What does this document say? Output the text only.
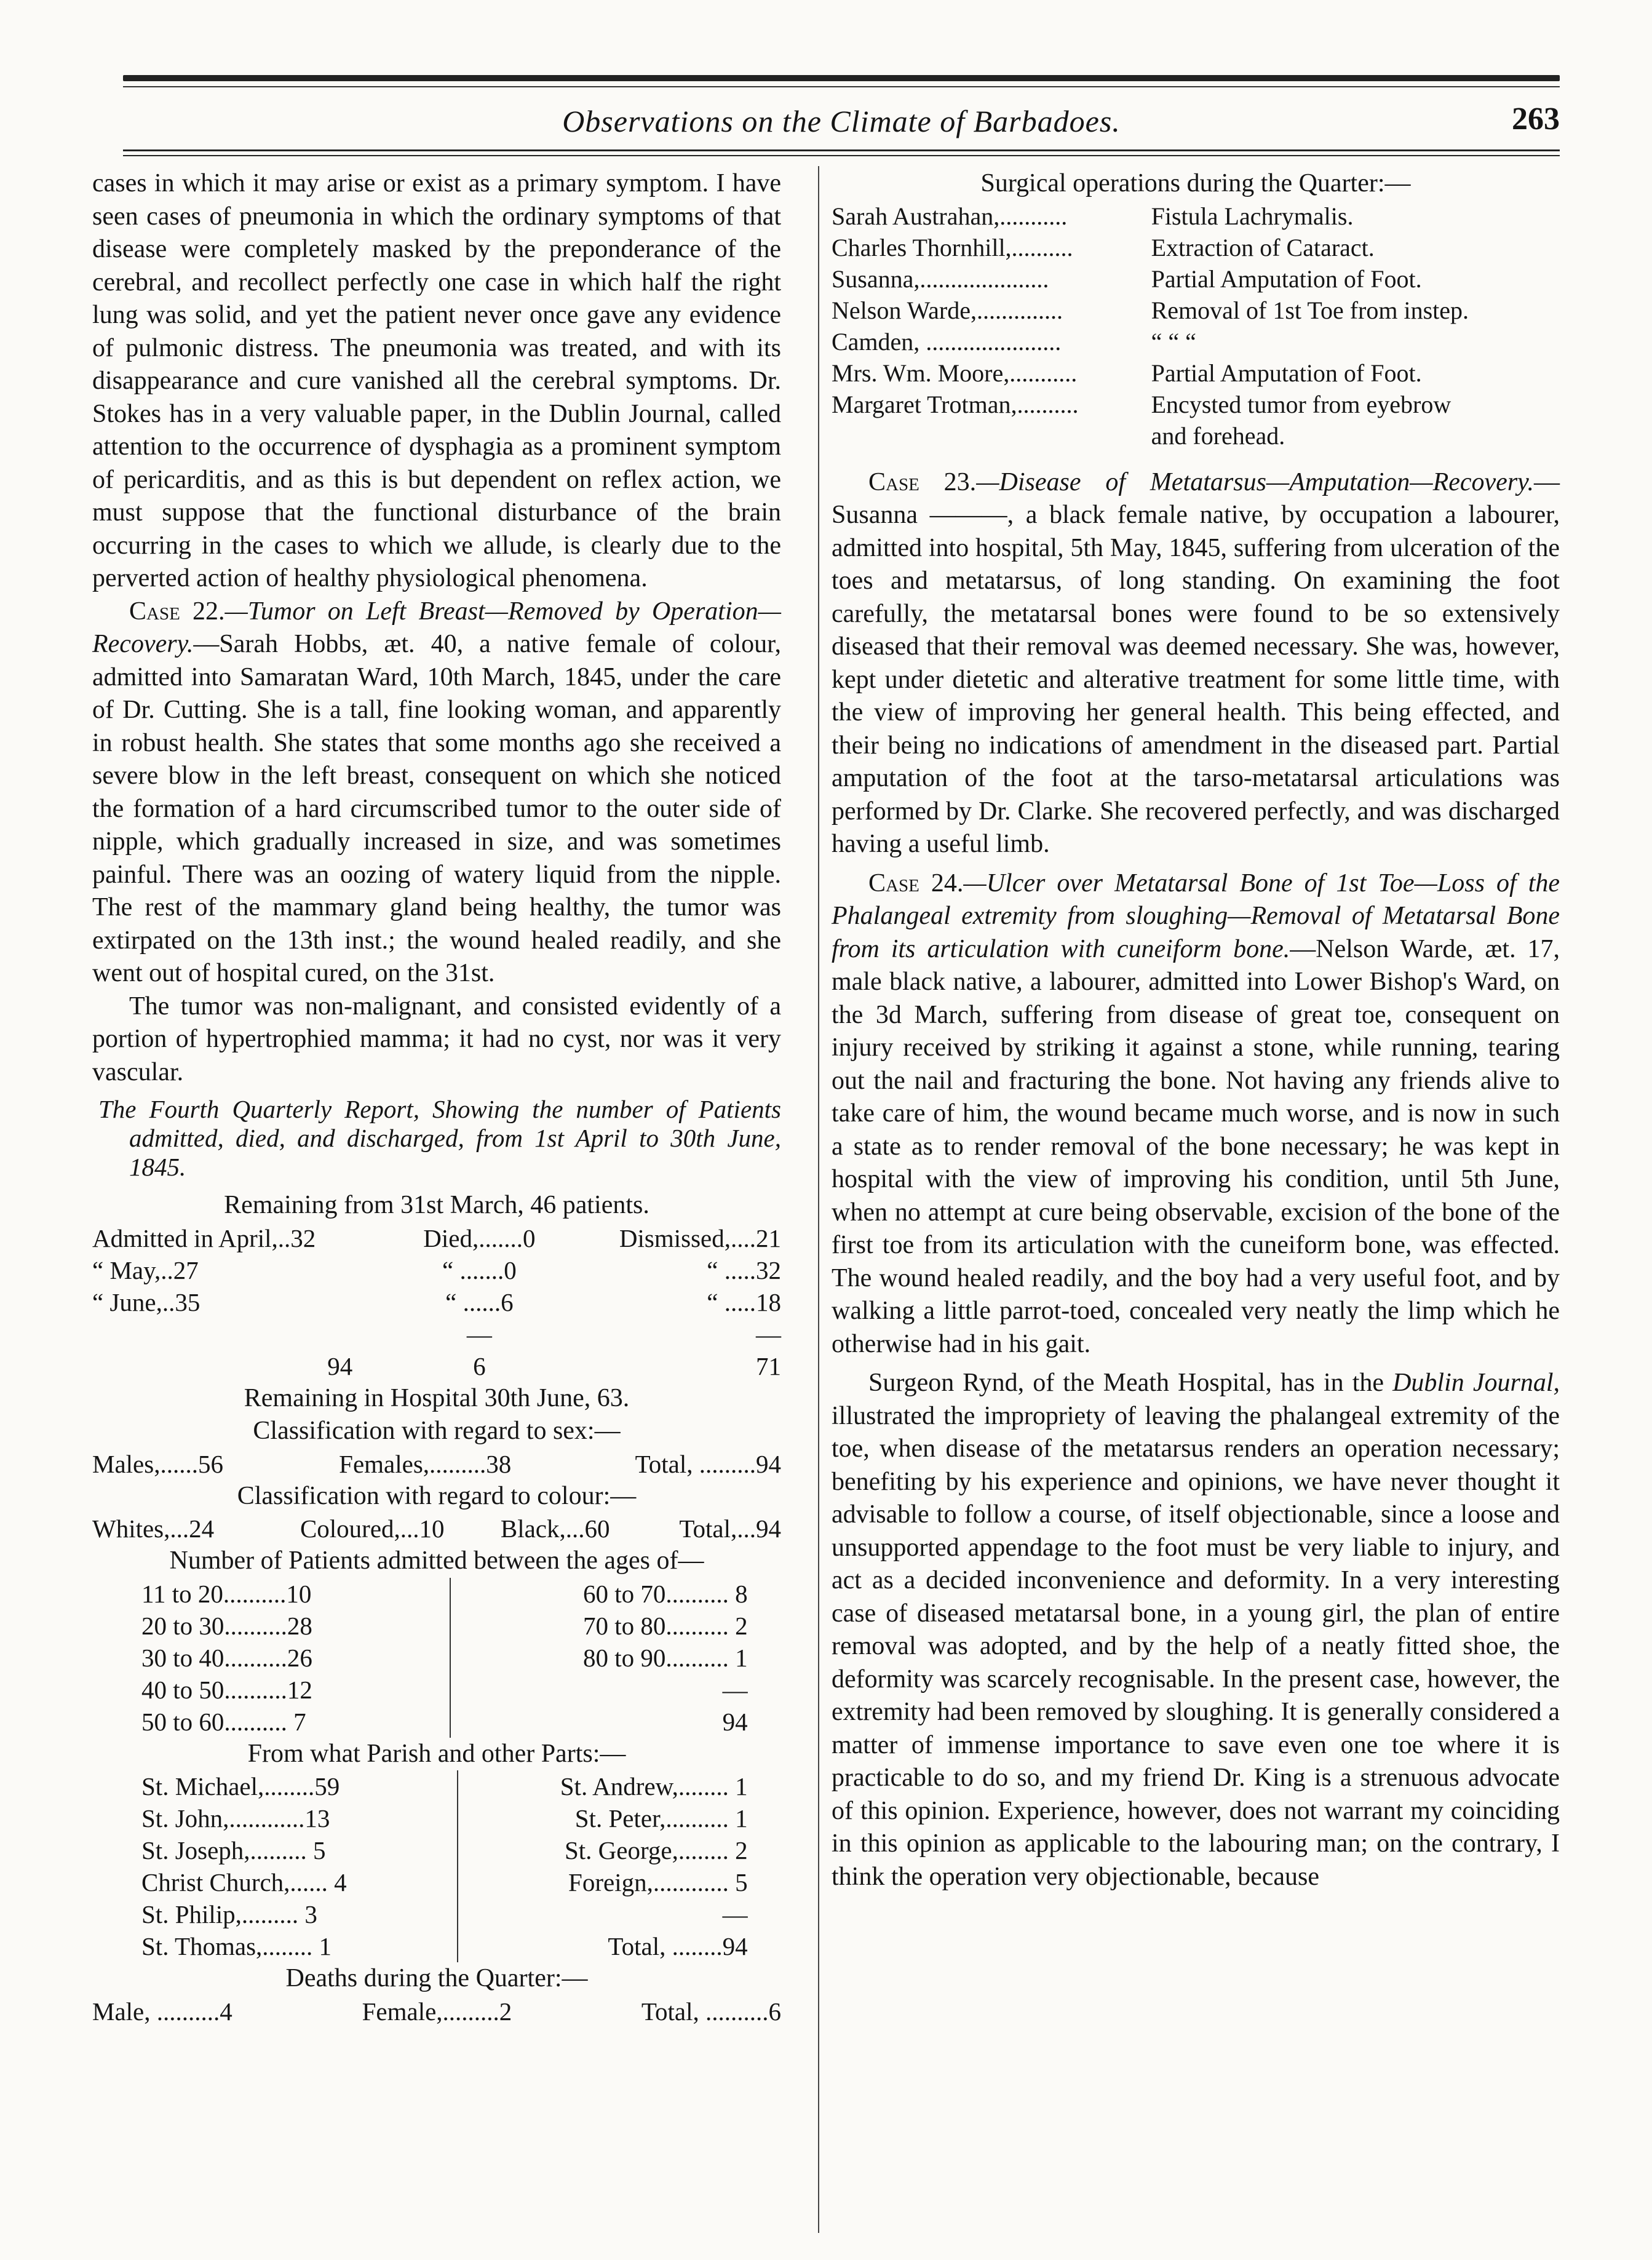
Observations on the Climate of Barbadoes.	263

cases in which it may arise or exist as a primary symptom. I have seen cases of pneumonia in which the ordinary symptoms of that disease were completely masked by the preponderance of the cerebral, and recollect perfectly one case in which half the right lung was solid, and yet the patient never once gave any evidence of pulmonic distress. The pneumonia was treated, and with its disappearance and cure vanished all the cerebral symptoms. Dr. Stokes has in a very valuable paper, in the Dublin Journal, called attention to the occurrence of dysphagia as a prominent symptom of pericarditis, and as this is but dependent on reflex action, we must suppose that the functional disturbance of the brain occurring in the cases to which we allude, is clearly due to the perverted action of healthy physiological phenomena.

Case 22.—Tumor on Left Breast—Removed by Operation—Recovery.—Sarah Hobbs, æt. 40, a native female of colour, admitted into Samaratan Ward, 10th March, 1845, under the care of Dr. Cutting. She is a tall, fine looking woman, and apparently in robust health. She states that some months ago she received a severe blow in the left breast, consequent on which she noticed the formation of a hard circumscribed tumor to the outer side of nipple, which gradually increased in size, and was sometimes painful. There was an oozing of watery liquid from the nipple. The rest of the mammary gland being healthy, the tumor was extirpated on the 13th inst.; the wound healed readily, and she went out of hospital cured, on the 31st.

The tumor was non-malignant, and consisted evidently of a portion of hypertrophied mamma; it had no cyst, nor was it very vascular.

The Fourth Quarterly Report, Showing the number of Patients admitted, died, and discharged, from 1st April to 30th June, 1845.
Remaining from 31st March, 46 patients.
Admitted in April,..32	Died,.......0	Dismissed,....21
“ May,..27	“ .......0	“ .....32
“ June,..35	“ ......6	“ .....18
	—	—
94	6	71
Remaining in Hospital 30th June, 63.
Classification with regard to sex:—
Males,......56	Females,.........38	Total, .........94
Classification with regard to colour:—
Whites,...24	Coloured,...10	Black,...60	Total,...94
Number of Patients admitted between the ages of—
11 to 20..........10	60 to 70.......... 8
20 to 30..........28	70 to 80.......... 2
30 to 40..........26	80 to 90.......... 1
40 to 50..........12	—
50 to 60.......... 7	94
From what Parish and other Parts:—
St. Michael,........59	St. Andrew,........ 1
St. John,............13	St. Peter,.......... 1
St. Joseph,......... 5	St. George,........ 2
Christ Church,...... 4	Foreign,............ 5
St. Philip,......... 3	—
St. Thomas,........ 1	Total, ........94
Deaths during the Quarter:—
Male, ..........4	Female,.........2	Total, ..........6
Surgical operations during the Quarter:—
Sarah Austrahan,...........	Fistula Lachrymalis.
Charles Thornhill,..........	Extraction of Cataract.
Susanna,.....................	Partial Amputation of Foot.
Nelson Warde,..............	Removal of 1st Toe from instep.
Camden, ......................	“ “ “
Mrs. Wm. Moore,...........	Partial Amputation of Foot.
Margaret Trotman,..........	Encysted tumor from eyebrow
	and forehead.

Case 23.—Disease of Metatarsus—Amputation—Recovery.—Susanna ———, a black female native, by occupation a labourer, admitted into hospital, 5th May, 1845, suffering from ulceration of the toes and metatarsus, of long standing. On examining the foot carefully, the metatarsal bones were found to be so extensively diseased that their removal was deemed necessary. She was, however, kept under dietetic and alterative treatment for some little time, with the view of improving her general health. This being effected, and their being no indications of amendment in the diseased part. Partial amputation of the foot at the tarso-metatarsal articulations was performed by Dr. Clarke. She recovered perfectly, and was discharged having a useful limb.

Case 24.—Ulcer over Metatarsal Bone of 1st Toe—Loss of the Phalangeal extremity from sloughing—Removal of Metatarsal Bone from its articulation with cuneiform bone.—Nelson Warde, æt. 17, male black native, a labourer, admitted into Lower Bishop's Ward, on the 3d March, suffering from disease of great toe, consequent on injury received by striking it against a stone, while running, tearing out the nail and fracturing the bone. Not having any friends alive to take care of him, the wound became much worse, and is now in such a state as to render removal of the bone necessary; he was kept in hospital with the view of improving his condition, until 5th June, when no attempt at cure being observable, excision of the bone of the first toe from its articulation with the cuneiform bone, was effected. The wound healed readily, and the boy had a very useful foot, and by walking a little parrot-toed, concealed very neatly the limp which he otherwise had in his gait.

Surgeon Rynd, of the Meath Hospital, has in the Dublin Journal, illustrated the impropriety of leaving the phalangeal extremity of the toe, when disease of the metatarsus renders an operation necessary; benefiting by his experience and opinions, we have never thought it advisable to follow a course, of itself objectionable, since a loose and unsupported appendage to the foot must be very liable to injury, and act as a decided inconvenience and deformity. In a very interesting case of diseased metatarsal bone, in a young girl, the plan of entire removal was adopted, and by the help of a neatly fitted shoe, the deformity was scarcely recognisable. In the present case, however, the extremity had been removed by sloughing. It is generally considered a matter of immense importance to save even one toe where it is practicable to do so, and my friend Dr. King is a strenuous advocate of this opinion. Experience, however, does not warrant my coinciding in this opinion as applicable to the labouring man; on the contrary, I think the operation very objectionable, because
